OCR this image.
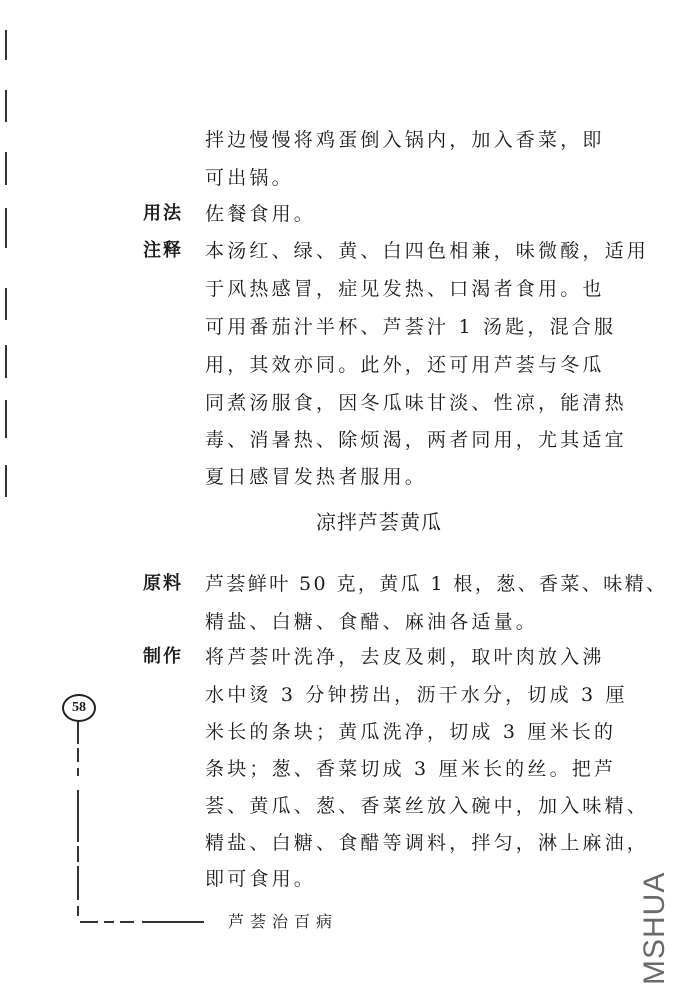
拌边慢慢将鸡蛋倒入锅内，加入香菜，即
可出锅。
用法 佐餐食用。
注释 本汤红、绿、黄、白四色相兼，味微酸，适用
于风热感冒，症见发热、口渴者食用。也
可用番茄汁半杯、芦荟汁 1 汤匙，混合服
用，其效亦同。此外，还可用芦荟与冬瓜
同煮汤服食，因冬瓜味甘淡、性凉，能清热
毒、消暑热、除烦渴，两者同用，尤其适宜
夏日感冒发热者服用。
凉拌芦荟黄瓜
原料 芦荟鲜叶 50 克，黄瓜 1 根，葱、香菜、味精、
精盐、白糖、食醋、麻油各适量。
制作 将芦荟叶洗净，去皮及刺，取叶肉放入沸
水中烫 3 分钟捞出，沥干水分，切成 3 厘
米长的条块；黄瓜洗净，切成 3 厘米长的
条块；葱、香菜切成 3 厘米长的丝。把芦
荟、黄瓜、葱、香菜丝放入碗中，加入味精、
精盐、白糖、食醋等调料，拌匀，淋上麻油，
即可食用。
58
芦荟治百病	MSHUA
